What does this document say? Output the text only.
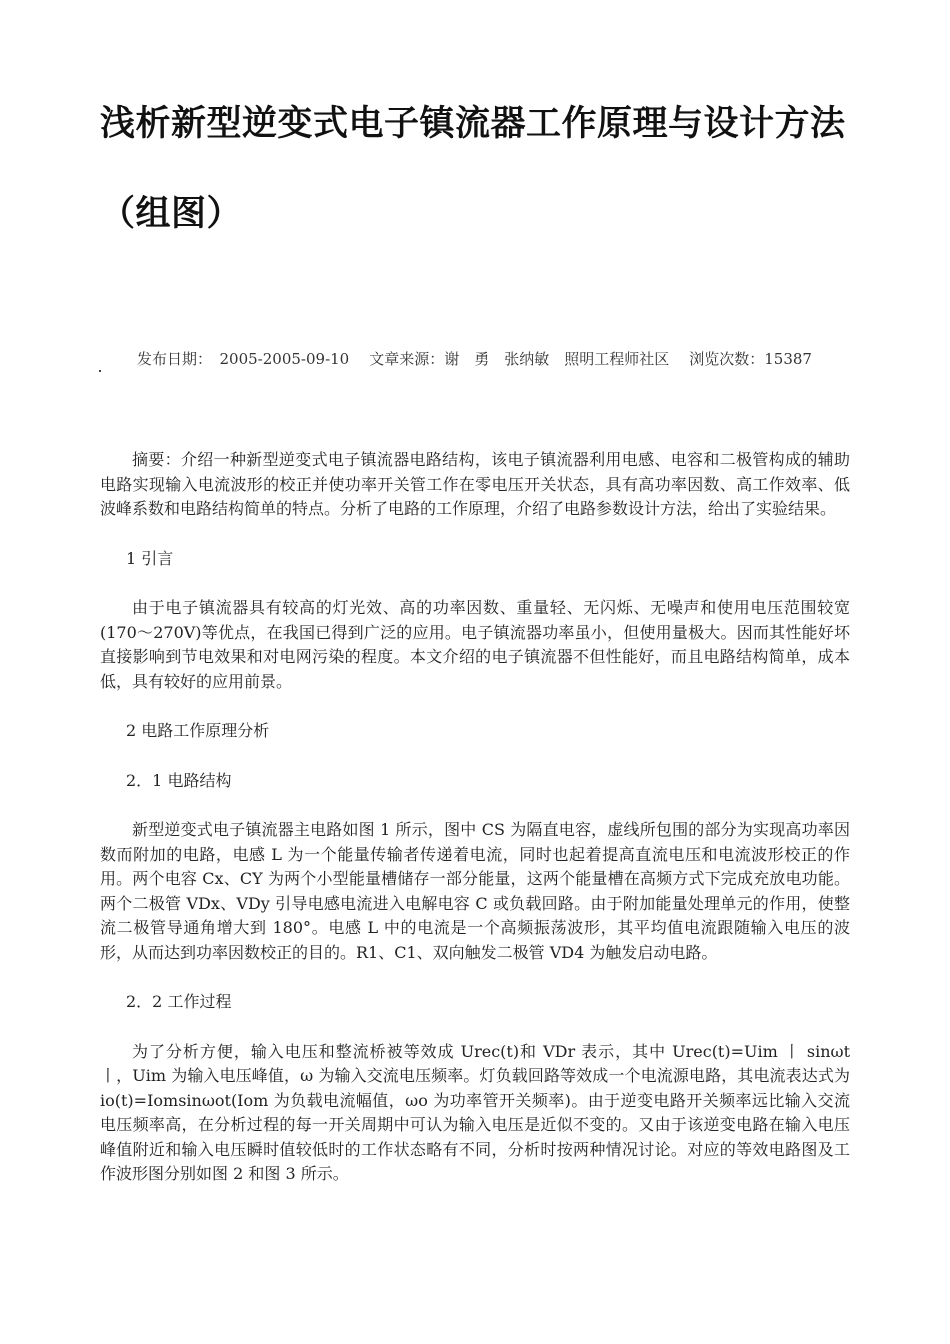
浅析新型逆变式电子镇流器工作原理与设计方法
（组图）
发布日期：　2005-2005-09-10 文章来源：谢　勇　张纳敏　照明工程师社区 浏览次数：15387

摘要：介绍一种新型逆变式电子镇流器电路结构，该电子镇流器利用电感、电容和二极管构成的辅助电路实现输入电流波形的校正并使功率开关管工作在零电压开关状态，具有高功率因数、高工作效率、低波峰系数和电路结构简单的特点。分析了电路的工作原理，介绍了电路参数设计方法，给出了实验结果。

1 引言

由于电子镇流器具有较高的灯光效、高的功率因数、重量轻、无闪烁、无噪声和使用电压范围较宽(170～270V)等优点，在我国已得到广泛的应用。电子镇流器功率虽小，但使用量极大。因而其性能好坏直接影响到节电效果和对电网污染的程度。本文介绍的电子镇流器不但性能好，而且电路结构简单，成本低，具有较好的应用前景。

2 电路工作原理分析

2．1 电路结构

新型逆变式电子镇流器主电路如图 1 所示，图中 CS 为隔直电容，虚线所包围的部分为实现高功率因数而附加的电路，电感 L 为一个能量传输者传递着电流，同时也起着提高直流电压和电流波形校正的作用。两个电容 Cx、CY 为两个小型能量槽储存一部分能量，这两个能量槽在高频方式下完成充放电功能。两个二极管 VDx、VDy 引导电感电流进入电解电容 C 或负载回路。由于附加能量处理单元的作用，使整流二极管导通角增大到 180°。电感 L 中的电流是一个高频振荡波形，其平均值电流跟随输入电压的波形，从而达到功率因数校正的目的。R1、C1、双向触发二极管 VD4 为触发启动电路。

2．2 工作过程

为了分析方便，输入电压和整流桥被等效成 Urec(t)和 VDr 表示，其中 Urec(t)=Uim 丨 sinωt 丨，Uim 为输入电压峰值，ω 为输入交流电压频率。灯负载回路等效成一个电流源电路，其电流表达式为 io(t)=Iomsinωot(Iom 为负载电流幅值，ωo 为功率管开关频率)。由于逆变电路开关频率远比输入交流电压频率高，在分析过程的每一开关周期中可认为输入电压是近似不变的。又由于该逆变电路在输入电压峰值附近和输入电压瞬时值较低时的工作状态略有不同，分析时按两种情况讨论。对应的等效电路图及工作波形图分别如图 2 和图 3 所示。
